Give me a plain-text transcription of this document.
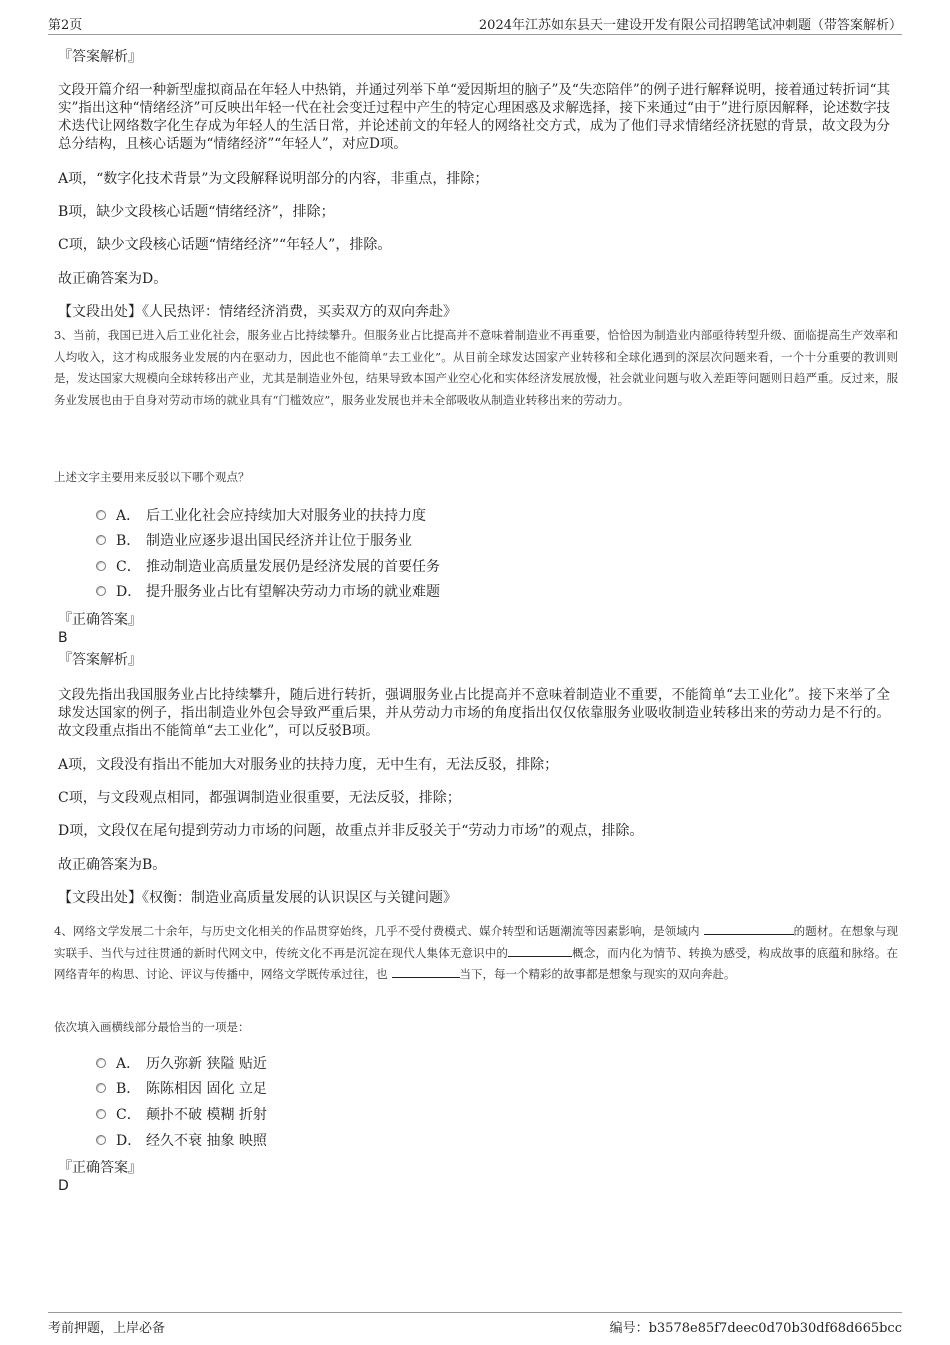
第2页	2024年江苏如东县天一建设开发有限公司招聘笔试冲刺题（带答案解析）
『答案解析』

文段开篇介绍一种新型虚拟商品在年轻人中热销，并通过列举下单“爱因斯坦的脑子”及“失恋陪伴”的例子进行解释说明，接着通过转折词“其实”指出这种“情绪经济”可反映出年轻一代在社会变迁过程中产生的特定心理困惑及求解选择，接下来通过“由于”进行原因解释，论述数字技术迭代让网络数字化生存成为年轻人的生活日常，并论述前文的年轻人的网络社交方式，成为了他们寻求情绪经济抚慰的背景，故文段为分总分结构，且核心话题为“情绪经济”“年轻人”，对应D项。

A项，“数字化技术背景”为文段解释说明部分的内容，非重点，排除；
B项，缺少文段核心话题“情绪经济”，排除；
C项，缺少文段核心话题“情绪经济”“年轻人”，排除。
故正确答案为D。
【文段出处】《人民热评：情绪经济消费，买卖双方的双向奔赴》

3、当前，我国已进入后工业化社会，服务业占比持续攀升。但服务业占比提高并不意味着制造业不再重要，恰恰因为制造业内部亟待转型升级、面临提高生产效率和人均收入，这才构成服务业发展的内在驱动力，因此也不能简单“去工业化”。从目前全球发达国家产业转移和全球化遇到的深层次问题来看，一个十分重要的教训则是，发达国家大规模向全球转移出产业，尤其是制造业外包，结果导致本国产业空心化和实体经济发展放慢，社会就业问题与收入差距等问题则日趋严重。反过来，服务业发展也由于自身对劳动市场的就业具有“门槛效应”，服务业发展也并未全部吸收从制造业转移出来的劳动力。

上述文字主要用来反驳以下哪个观点？
A． 后工业化社会应持续加大对服务业的扶持力度
B． 制造业应逐步退出国民经济并让位于服务业
C． 推动制造业高质量发展仍是经济发展的首要任务
D． 提升服务业占比有望解决劳动力市场的就业难题
『正确答案』
B
『答案解析』

文段先指出我国服务业占比持续攀升，随后进行转折，强调服务业占比提高并不意味着制造业不重要，不能简单“去工业化”。接下来举了全球发达国家的例子，指出制造业外包会导致严重后果，并从劳动力市场的角度指出仅仅依靠服务业吸收制造业转移出来的劳动力是不行的。故文段重点指出不能简单“去工业化”，可以反驳B项。

A项，文段没有指出不能加大对服务业的扶持力度，无中生有，无法反驳，排除；
C项，与文段观点相同，都强调制造业很重要，无法反驳，排除；
D项，文段仅在尾句提到劳动力市场的问题，故重点并非反驳关于“劳动力市场”的观点，排除。
故正确答案为B。
【文段出处】《权衡：制造业高质量发展的认识误区与关键问题》

4、网络文学发展二十余年，与历史文化相关的作品贯穿始终，几乎不受付费模式、媒介转型和话题潮流等因素影响，是领域内	的题材。在想象与现实联手、当代与过往贯通的新时代网文中，传统文化不再是沉淀在现代人集体无意识中的	概念，而内化为情节、转换为感受，构成故事的底蕴和脉络。在网络青年的构思、讨论、评议与传播中，网络文学既传承过往，也	当下，每一个精彩的故事都是想象与现实的双向奔赴。

依次填入画横线部分最恰当的一项是：
A． 历久弥新 狭隘 贴近
B． 陈陈相因 固化 立足
C． 颠扑不破 模糊 折射
D． 经久不衰 抽象 映照
『正确答案』
D
考前押题，上岸必备	编号：b3578e85f7deec0d70b30df68d665bcc
